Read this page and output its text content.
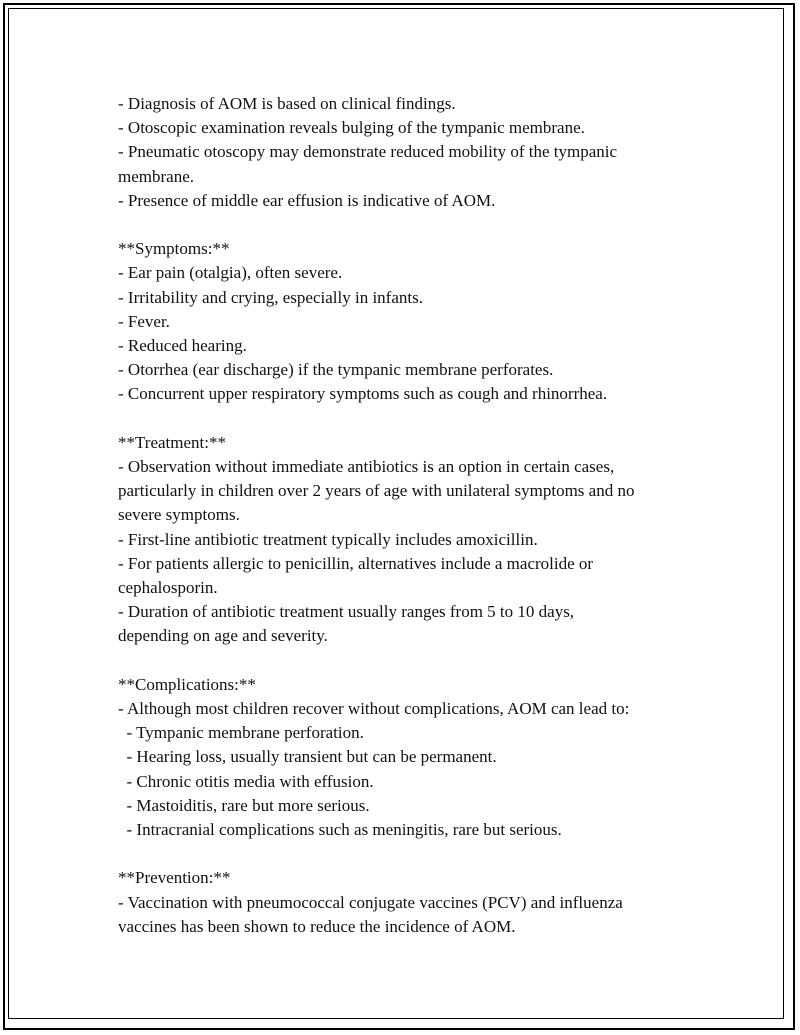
- Diagnosis of AOM is based on clinical findings.
- Otoscopic examination reveals bulging of the tympanic membrane.
- Pneumatic otoscopy may demonstrate reduced mobility of the tympanic
membrane.
- Presence of middle ear effusion is indicative of AOM.
**Symptoms:**
- Ear pain (otalgia), often severe.
- Irritability and crying, especially in infants.
- Fever.
- Reduced hearing.
- Otorrhea (ear discharge) if the tympanic membrane perforates.
- Concurrent upper respiratory symptoms such as cough and rhinorrhea.
**Treatment:**
- Observation without immediate antibiotics is an option in certain cases,
particularly in children over 2 years of age with unilateral symptoms and no
severe symptoms.
- First-line antibiotic treatment typically includes amoxicillin.
- For patients allergic to penicillin, alternatives include a macrolide or
cephalosporin.
- Duration of antibiotic treatment usually ranges from 5 to 10 days,
depending on age and severity.
**Complications:**
- Although most children recover without complications, AOM can lead to:
- Tympanic membrane perforation.
- Hearing loss, usually transient but can be permanent.
- Chronic otitis media with effusion.
- Mastoiditis, rare but more serious.
- Intracranial complications such as meningitis, rare but serious.
**Prevention:**
- Vaccination with pneumococcal conjugate vaccines (PCV) and influenza
vaccines has been shown to reduce the incidence of AOM.
